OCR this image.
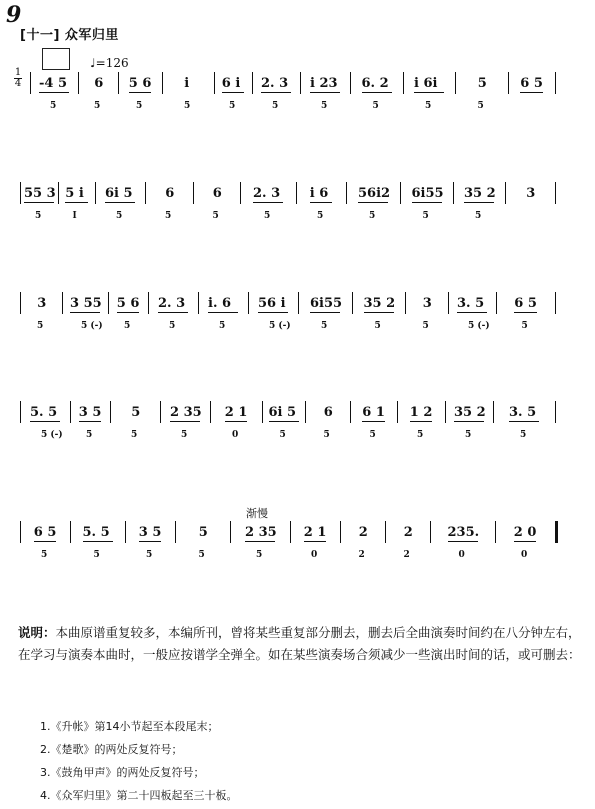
9
[十一] 众军归里
♩=126
1
4 -4 5
5
6
5
5 6
5
i
5
6 i
5
2. 3
5
i 23
5
6. 2
5
i 6i
5
5
5
6 5
55 3
5
5 i
I
6i 5
5
6
5
6
5
2. 3
5
i 6
5
56i2
5
6i55
5
35 2
5
3
3
5
3 55
5 (-)
5 6
5
2. 3
5
i. 6
5
56 i
5 (-)
6i55
5
35 2
5
3
5
3. 5
5 (-)
6 5
5
5. 5
5 (-)
3 5
5
5
5
2 35
5
2 1
0
6i 5
5
6
5
6 1
5
1 2
5
35 2
5
3. 5
5
6 5
5
5. 5
5
3 5
5
5
5
2 35
5
2 1
0
2
2
2
2
235.
0
2 0
0
渐慢
说明：本曲原谱重复较多，本编所刊，曾将某些重复部分删去，删去后全曲演奏时间约在八分钟左右，在学习与演奏本曲时，一般应按谱学全弹全。如在某些演奏场合须减少一些演出时间的话，或可删去：
1.《升帐》第14小节起至本段尾末；
2.《楚歌》的两处反复符号；
3.《鼓角甲声》的两处反复符号；
4.《众军归里》第二十四板起至三十板。
